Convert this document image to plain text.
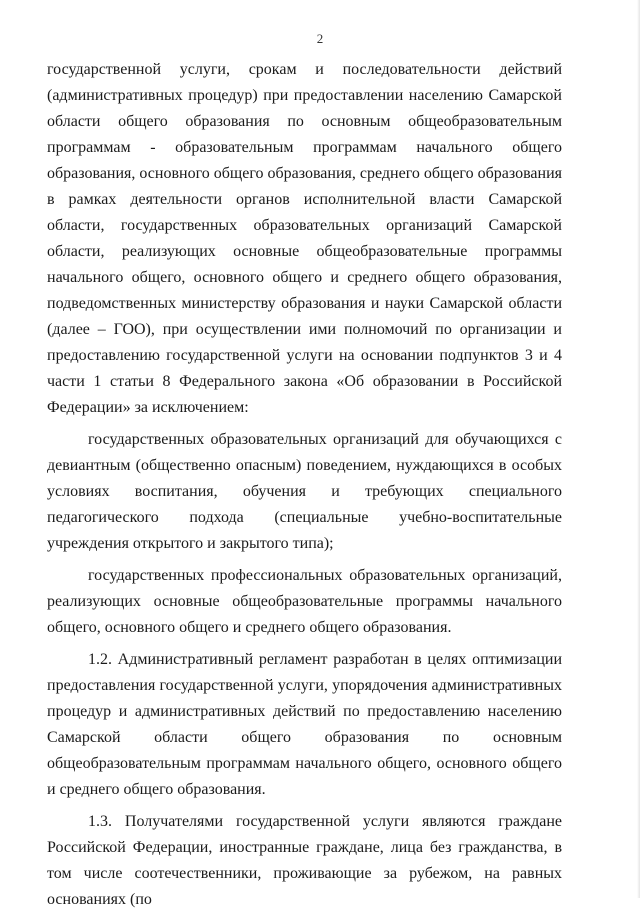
2

государственной услуги, срокам и последовательности действий (административных процедур) при предоставлении населению Самарской области общего образования по основным общеобразовательным программам - образовательным программам начального общего образования, основного общего образования, среднего общего образования в рамках деятельности органов исполнительной власти Самарской области, государственных образовательных организаций Самарской области, реализующих основные общеобразовательные программы начального общего, основного общего и среднего общего образования, подведомственных министерству образования и науки Самарской области (далее – ГОО), при осуществлении ими полномочий по организации и предоставлению государственной услуги на основании подпунктов 3 и 4 части 1 статьи 8 Федерального закона «Об образовании в Российской Федерации» за исключением:

государственных образовательных организаций для обучающихся с девиантным (общественно опасным) поведением, нуждающихся в особых условиях воспитания, обучения и требующих специального педагогического подхода (специальные учебно-воспитательные учреждения открытого и закрытого типа);

государственных профессиональных образовательных организаций, реализующих основные общеобразовательные программы начального общего, основного общего и среднего общего образования.

1.2. Административный регламент разработан в целях оптимизации предоставления государственной услуги, упорядочения административных процедур и административных действий по предоставлению населению Самарской области общего образования по основным общеобразовательным программам начального общего, основного общего и среднего общего образования.

1.3. Получателями государственной услуги являются граждане Российской Федерации, иностранные граждане, лица без гражданства, в том числе соотечественники, проживающие за рубежом, на равных основаниях (по
